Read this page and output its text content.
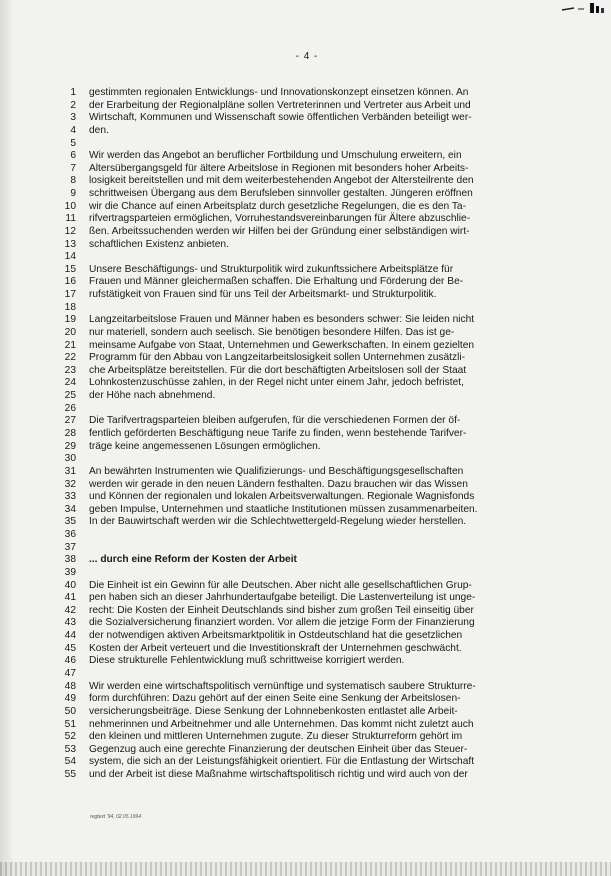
- 4 -
1 gestimmten regionalen Entwicklungs- und Innovationskonzept einsetzen können. An
2 der Erarbeitung der Regionalpläne sollen Vertreterinnen und Vertreter aus Arbeit und
3 Wirtschaft, Kommunen und Wissenschaft sowie öffentlichen Verbänden beteiligt wer-
4 den.
5
6 Wir werden das Angebot an beruflicher Fortbildung und Umschulung erweitern, ein
7 Altersübergangsgeld für ältere Arbeitslose in Regionen mit besonders hoher Arbeits-
8 losigkeit bereitstellen und mit dem weiterbestehenden Angebot der Altersteilrente den
9 schrittweisen Übergang aus dem Berufsleben sinnvoller gestalten. Jüngeren eröffnen
10 wir die Chance auf einen Arbeitsplatz durch gesetzliche Regelungen, die es den Ta-
11 rifvertragsparteien ermöglichen, Vorruhestandsvereinbarungen für Ältere abzuschlie-
12 ßen. Arbeitssuchenden werden wir Hilfen bei der Gründung einer selbständigen wirt-
13 schaftlichen Existenz anbieten.
14
15 Unsere Beschäftigungs- und Strukturpolitik wird zukunftssichere Arbeitsplätze für
16 Frauen und Männer gleichermaßen schaffen. Die Erhaltung und Förderung der Be-
17 rufstätigkeit von Frauen sind für uns Teil der Arbeitsmarkt- und Strukturpolitik.
18
19 Langzeitarbeitslose Frauen und Männer haben es besonders schwer: Sie leiden nicht
20 nur materiell, sondern auch seelisch. Sie benötigen besondere Hilfen. Das ist ge-
21 meinsame Aufgabe von Staat, Unternehmen und Gewerkschaften. In einem gezielten
22 Programm für den Abbau von Langzeitarbeitslosigkeit sollen Unternehmen zusätzli-
23 che Arbeitsplätze bereitstellen. Für die dort beschäftigten Arbeitslosen soll der Staat
24 Lohnkostenzuschüsse zahlen, in der Regel nicht unter einem Jahr, jedoch befristet,
25 der Höhe nach abnehmend.
26
27 Die Tarifvertragsparteien bleiben aufgerufen, für die verschiedenen Formen der öf-
28 fentlich geförderten Beschäftigung neue Tarife zu finden, wenn bestehende Tarifver-
29 träge keine angemessenen Lösungen ermöglichen.
30
31 An bewährten Instrumenten wie Qualifizierungs- und Beschäftigungsgesellschaften
32 werden wir gerade in den neuen Ländern festhalten. Dazu brauchen wir das Wissen
33 und Können der regionalen und lokalen Arbeitsverwaltungen. Regionale Wagnisfonds
34 geben Impulse, Unternehmen und staatliche Institutionen müssen zusammenarbeiten.
35 In der Bauwirtschaft werden wir die Schlechtwettergeld-Regelung wieder herstellen.
36
37
38 ... durch eine Reform der Kosten der Arbeit
39
40 Die Einheit ist ein Gewinn für alle Deutschen. Aber nicht alle gesellschaftlichen Grup-
41 pen haben sich an dieser Jahrhundertaufgabe beteiligt. Die Lastenverteilung ist unge-
42 recht: Die Kosten der Einheit Deutschlands sind bisher zum großen Teil einseitig über
43 die Sozialversicherung finanziert worden. Vor allem die jetzige Form der Finanzierung
44 der notwendigen aktiven Arbeitsmarktpolitik in Ostdeutschland hat die gesetzlichen
45 Kosten der Arbeit verteuert und die Investitionskraft der Unternehmen geschwächt.
46 Diese strukturelle Fehlentwicklung muß schrittweise korrigiert werden.
47
48 Wir werden eine wirtschaftspolitisch vernünftige und systematisch saubere Strukturre-
49 form durchführen: Dazu gehört auf der einen Seite eine Senkung der Arbeitslosen-
50 versicherungsbeiträge. Diese Senkung der Lohnnebenkosten entlastet alle Arbeit-
51 nehmerinnen und Arbeitnehmer und alle Unternehmen. Das kommt nicht zuletzt auch
52 den kleinen und mittleren Unternehmen zugute. Zu dieser Strukturreform gehört im
53 Gegenzug auch eine gerechte Finanzierung der deutschen Einheit über das Steuer-
54 system, die sich an der Leistungsfähigkeit orientiert. Für die Entlastung der Wirtschaft
55 und der Arbeit ist diese Maßnahme wirtschaftspolitisch richtig und wird auch von der
regtext '94, 02.05.1994
